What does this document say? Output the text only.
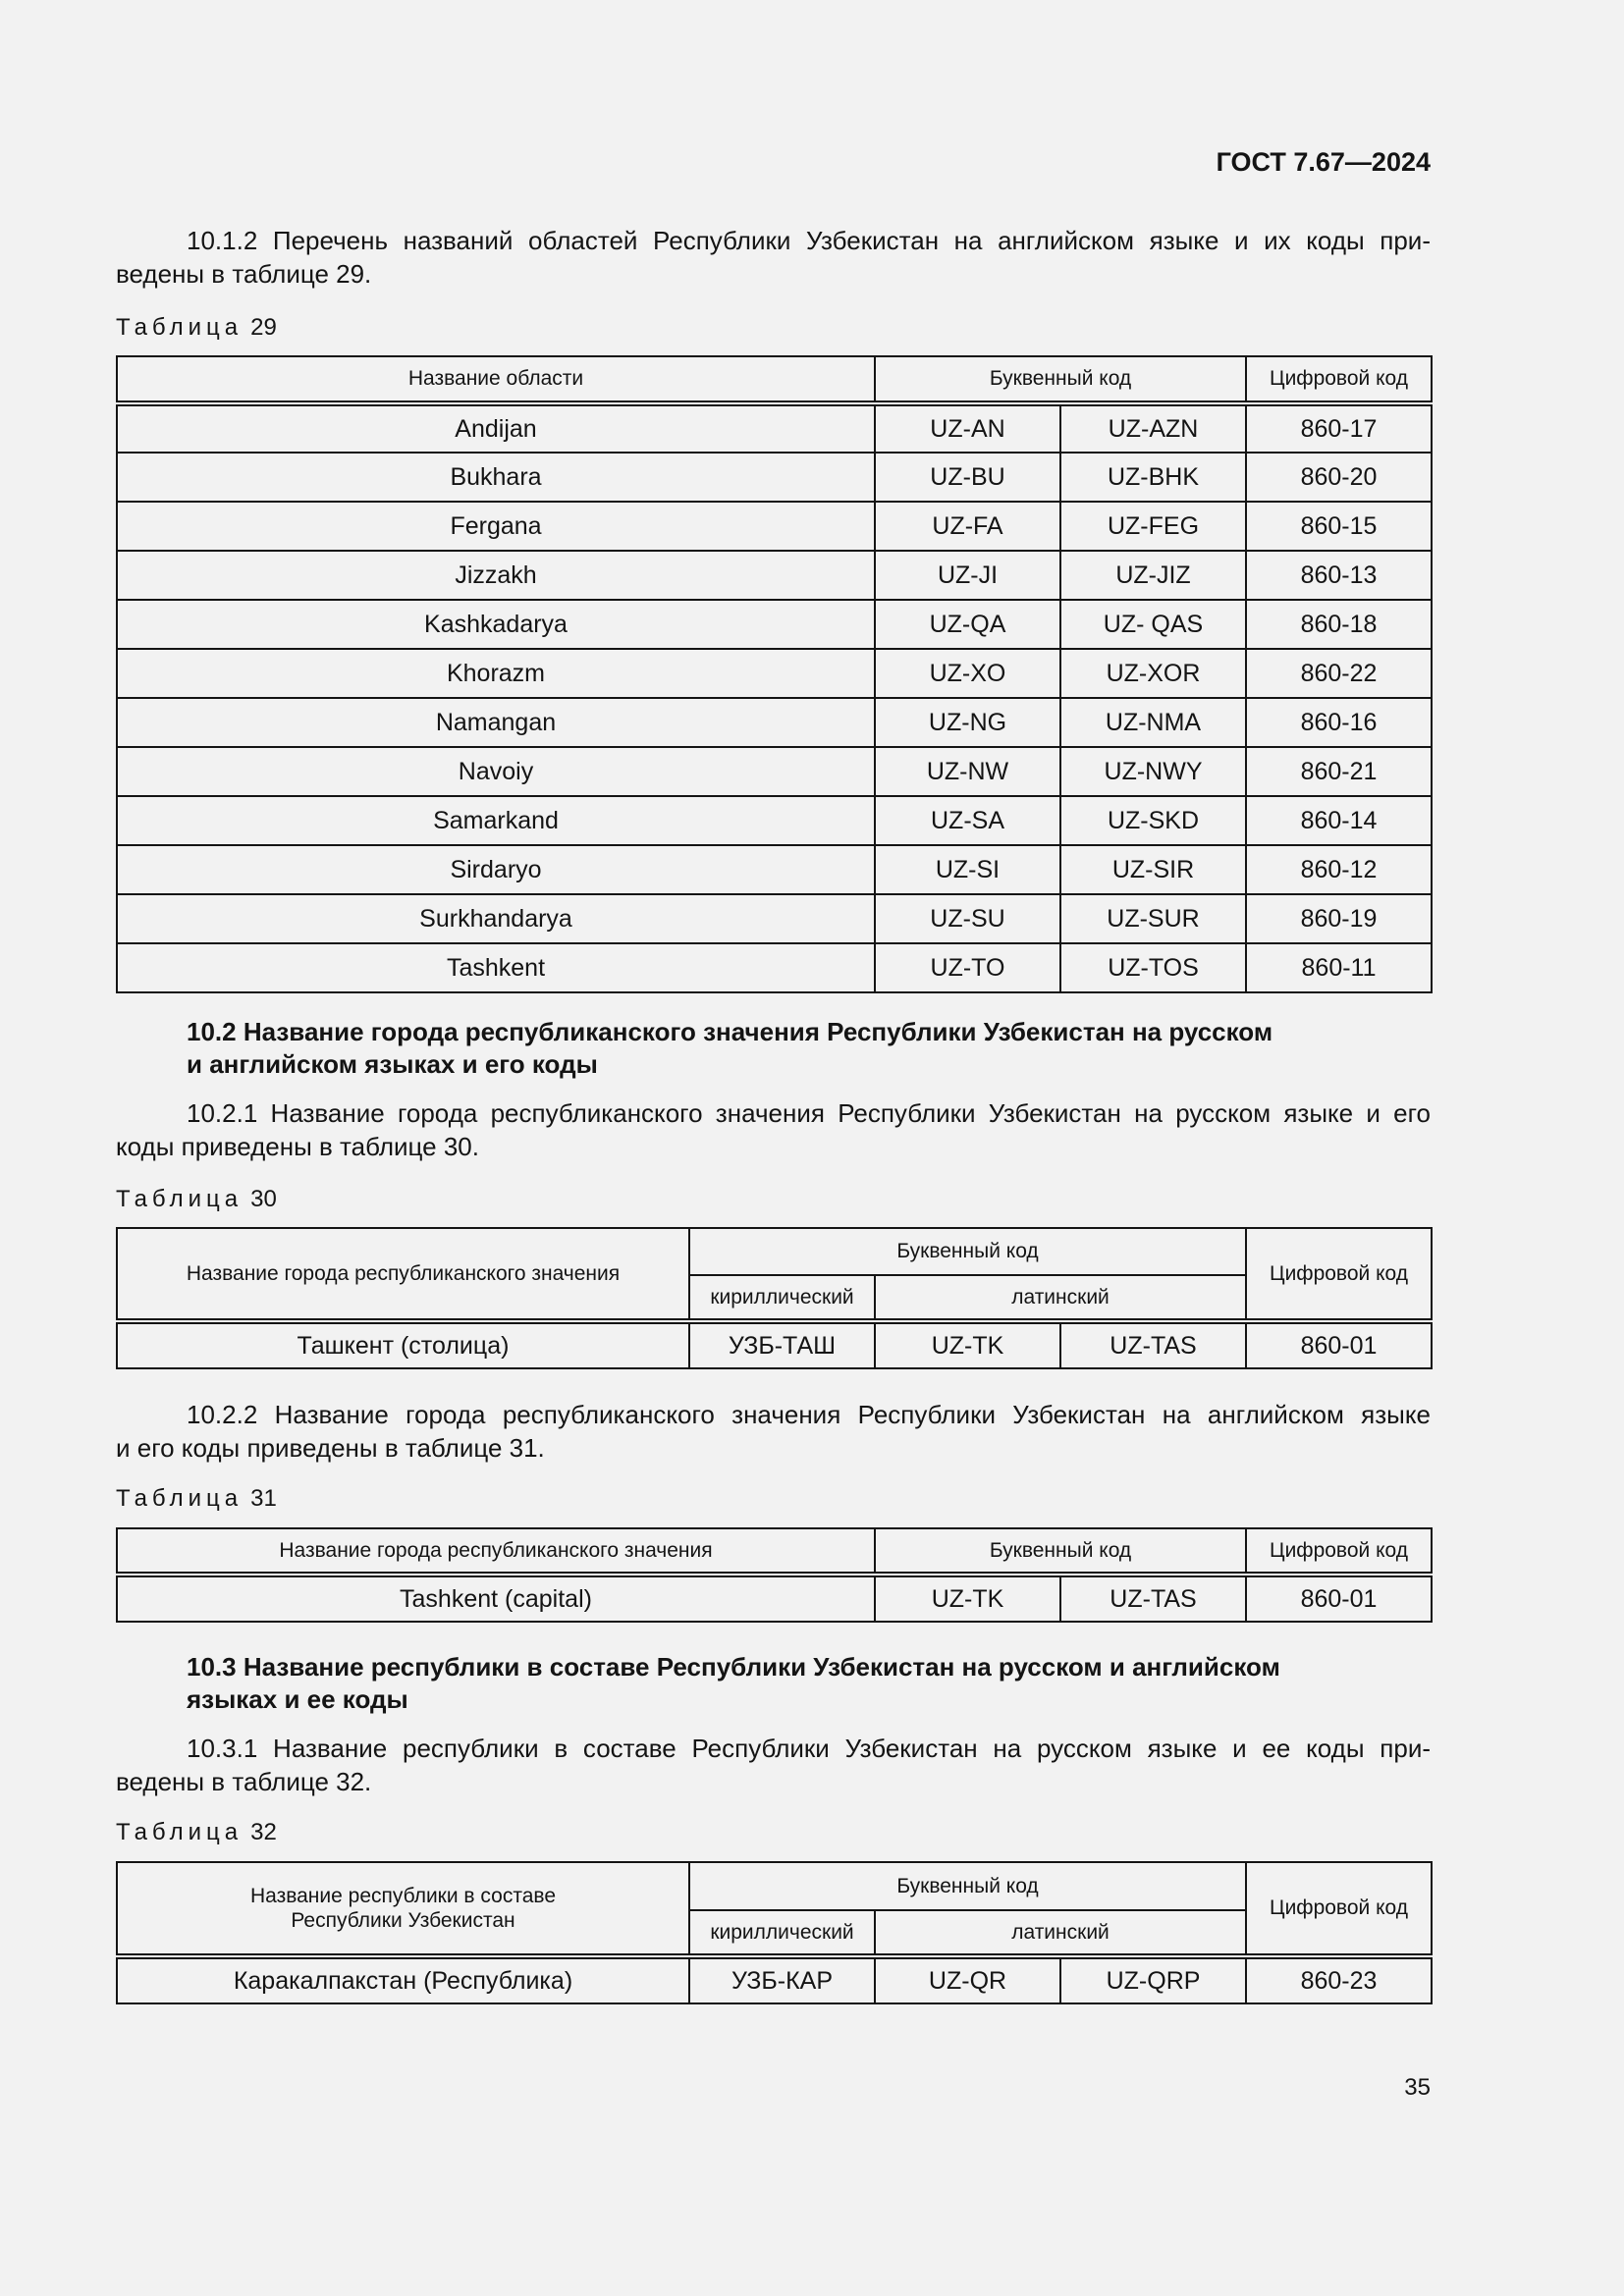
ГОСТ 7.67—2024
10.1.2 Перечень названий областей Республики Узбекистан на английском языке и их коды при-
ведены в таблице 29.
Таблица 29
Название области	Буквенный код		Цифровой код
Andijan	UZ-AN	UZ-AZN	860-17
Bukhara	UZ-BU	UZ-BHK	860-20
Fergana	UZ-FA	UZ-FEG	860-15
Jizzakh	UZ-JI	UZ-JIZ	860-13
Kashkadarya	UZ-QA	UZ- QAS	860-18
Khorazm	UZ-XO	UZ-XOR	860-22
Namangan	UZ-NG	UZ-NMA	860-16
Navoiy	UZ-NW	UZ-NWY	860-21
Samarkand	UZ-SA	UZ-SKD	860-14
Sirdaryo	UZ-SI	UZ-SIR	860-12
Surkhandarya	UZ-SU	UZ-SUR	860-19
Tashkent	UZ-TO	UZ-TOS	860-11
10.2 Название города республиканского значения Республики Узбекистан на русском
и английском языках и его коды
10.2.1 Название города республиканского значения Республики Узбекистан на русском языке и его
коды приведены в таблице 30.
Таблица 30
Название города республиканского значения	Буквенный код			Цифровой код
	кириллический	латинский		
Ташкент (столица)	УЗБ-ТАШ	UZ-TK	UZ-TAS	860-01
10.2.2 Название города республиканского значения Республики Узбекистан на английском языке
и его коды приведены в таблице 31.
Таблица 31
Название города республиканского значения	Буквенный код		Цифровой код
Tashkent (capital)	UZ-TK	UZ-TAS	860-01
10.3 Название республики в составе Республики Узбекистан на русском и английском
языках и ее коды
10.3.1 Название республики в составе Республики Узбекистан на русском языке и ее коды при-
ведены в таблице 32.
Таблица 32
Название республики в составе
Республики Узбекистан	Буквенный код			Цифровой код
	кириллический	латинский		
Каракалпакстан (Республика)	УЗБ-КАР	UZ-QR	UZ-QRP	860-23
35
